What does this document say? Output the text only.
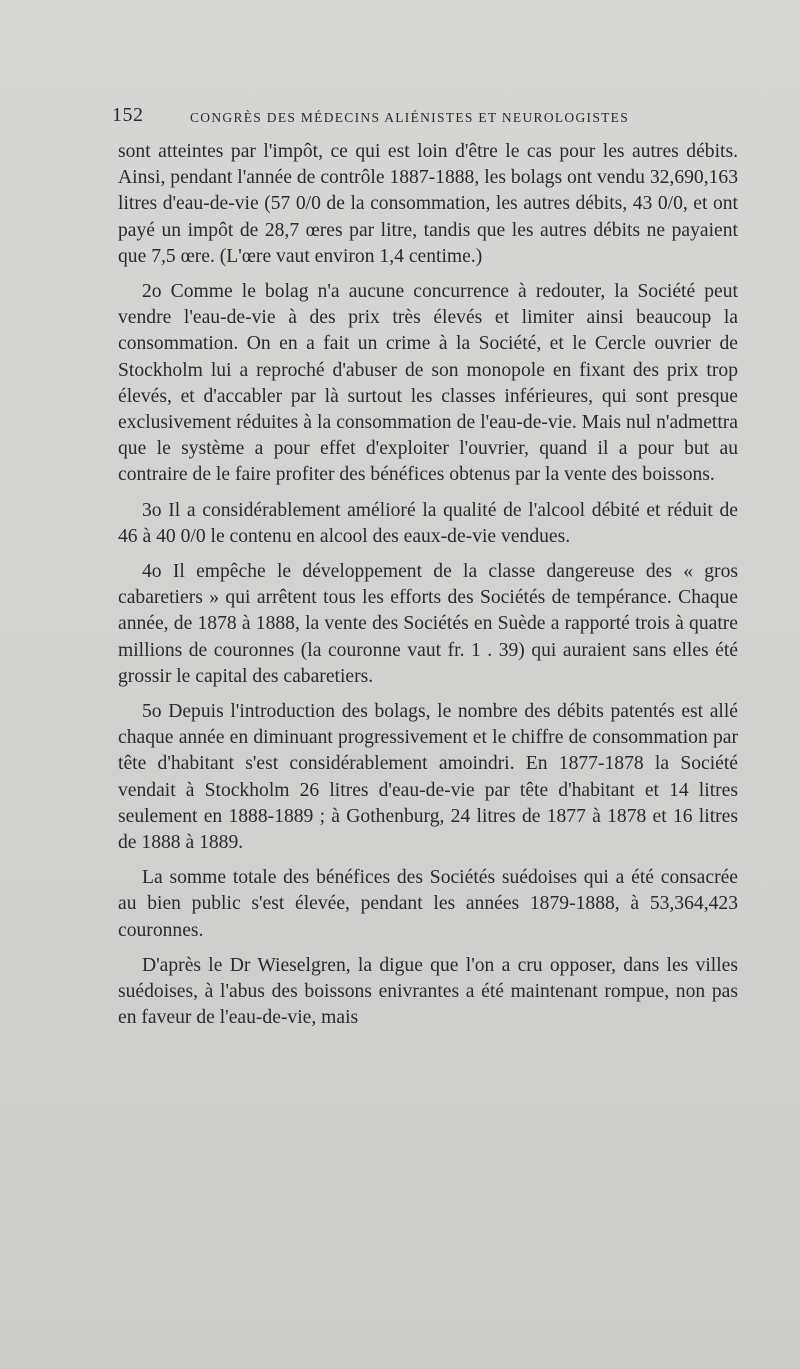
152	CONGRÈS DES MÉDECINS ALIÉNISTES ET NEUROLOGISTES

sont atteintes par l'impôt, ce qui est loin d'être le cas pour les autres débits. Ainsi, pendant l'année de contrôle 1887-1888, les bolags ont vendu 32,690,163 litres d'eau-de-vie (57 0/0 de la consommation, les autres débits, 43 0/0, et ont payé un impôt de 28,7 œres par litre, tandis que les autres débits ne payaient que 7,5 œre. (L'œre vaut environ 1,4 centime.)

2o Comme le bolag n'a aucune concurrence à redouter, la Société peut vendre l'eau-de-vie à des prix très élevés et limiter ainsi beaucoup la consommation. On en a fait un crime à la Société, et le Cercle ouvrier de Stockholm lui a reproché d'abuser de son monopole en fixant des prix trop élevés, et d'accabler par là surtout les classes inférieures, qui sont presque exclusivement réduites à la consommation de l'eau-de-vie. Mais nul n'admettra que le système a pour effet d'exploiter l'ouvrier, quand il a pour but au contraire de le faire profiter des bénéfices obtenus par la vente des boissons.

3o Il a considérablement amélioré la qualité de l'alcool débité et réduit de 46 à 40 0/0 le contenu en alcool des eaux-de-vie vendues.

4o Il empêche le développement de la classe dangereuse des « gros cabaretiers » qui arrêtent tous les efforts des Sociétés de tempérance. Chaque année, de 1878 à 1888, la vente des Sociétés en Suède a rapporté trois à quatre millions de couronnes (la couronne vaut fr. 1 . 39) qui auraient sans elles été grossir le capital des cabaretiers.

5o Depuis l'introduction des bolags, le nombre des débits patentés est allé chaque année en diminuant progressivement et le chiffre de consommation par tête d'habitant s'est considérablement amoindri. En 1877-1878 la Société vendait à Stockholm 26 litres d'eau-de-vie par tête d'habitant et 14 litres seulement en 1888-1889 ; à Gothenburg, 24 litres de 1877 à 1878 et 16 litres de 1888 à 1889.

La somme totale des bénéfices des Sociétés suédoises qui a été consacrée au bien public s'est élevée, pendant les années 1879-1888, à 53,364,423 couronnes.

D'après le Dr Wieselgren, la digue que l'on a cru opposer, dans les villes suédoises, à l'abus des boissons enivrantes a été maintenant rompue, non pas en faveur de l'eau-de-vie, mais
